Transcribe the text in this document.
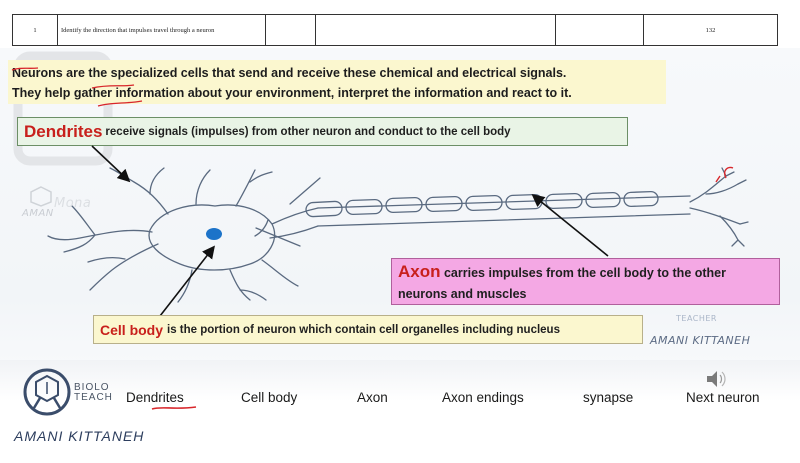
1	Identify the direction that impulses travel through a neuron	132
Mona
AMAN
Neurons are the specialized cells that send and receive these chemical and electrical signals.
They help gather information about your environment, interpret the information and react to it.
Dendrites receive signals (impulses) from other neuron and conduct to the cell body
Axon carries impulses from the cell body to the other
neurons and muscles
Cell body is the portion of neuron which contain cell organelles including nucleus
TEACHER
AMANI KITTANEH
BIOLO
TEACH
AMANI KITTANEH
Dendrites	Cell body	Axon	Axon endings	synapse	Next neuron
